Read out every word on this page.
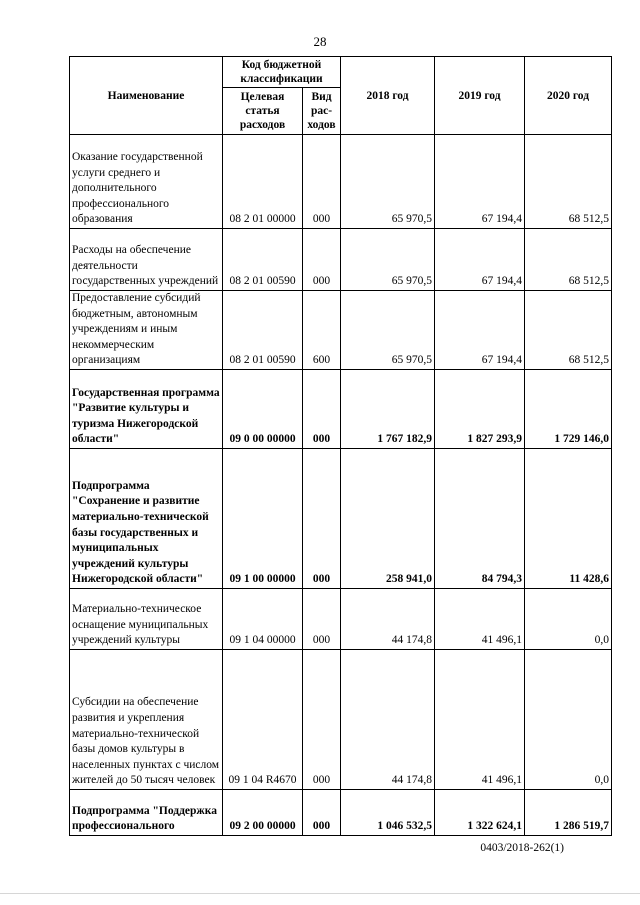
28
Наименование	Код бюджетной классификации		2018 год	2019 год	2020 год
	Целевая статья расходов	Вид рас-ходов			
Оказание государственной услуги среднего и дополнительного профессионального образования	08 2 01 00000	000	65 970,5	67 194,4	68 512,5
Расходы на обеспечение деятельности государственных учреждений	08 2 01 00590	000	65 970,5	67 194,4	68 512,5
Предоставление субсидий бюджетным, автономным учреждениям и иным некоммерческим организациям	08 2 01 00590	600	65 970,5	67 194,4	68 512,5
Государственная программа "Развитие культуры и туризма Нижегородской области"	09 0 00 00000	000	1 767 182,9	1 827 293,9	1 729 146,0
Подпрограмма "Сохранение и развитие материально-технической базы государственных и муниципальных учреждений культуры Нижегородской области"	09 1 00 00000	000	258 941,0	84 794,3	11 428,6
Материально-техническое оснащение муниципальных учреждений культуры	09 1 04 00000	000	44 174,8	41 496,1	0,0
Субсидии на обеспечение развития и укрепления материально-технической базы домов культуры в населенных пунктах с числом жителей до 50 тысяч человек	09 1 04 R4670	000	44 174,8	41 496,1	0,0
Подпрограмма "Поддержка профессионального	09 2 00 00000	000	1 046 532,5	1 322 624,1	1 286 519,7
0403/2018-262(1)
